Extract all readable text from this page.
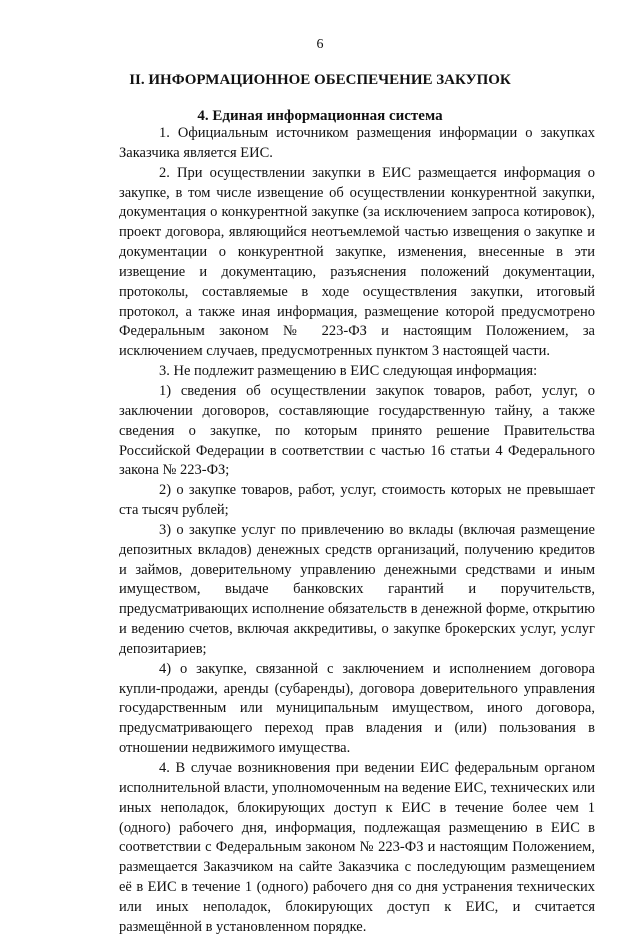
6
II. ИНФОРМАЦИОННОЕ ОБЕСПЕЧЕНИЕ ЗАКУПОК
4. Единая информационная система

1. Официальным источником размещения информации о закупках Заказчика является ЕИС.

2. При осуществлении закупки в ЕИС размещается информация о закупке, в том числе извещение об осуществлении конкурентной закупки, документация о конкурентной закупке (за исключением запроса котировок), проект договора, являющийся неотъемлемой частью извещения о закупке и документации о конкурентной закупке, изменения, внесенные в эти извещение и документацию, разъяснения положений документации, протоколы, составляемые в ходе осуществления закупки, итоговый протокол, а также иная информация, размещение которой предусмотрено Федеральным законом № 223-ФЗ и настоящим Положением, за исключением случаев, предусмотренных пунктом 3 настоящей части.

3. Не подлежит размещению в ЕИС следующая информация:

1) сведения об осуществлении закупок товаров, работ, услуг, о заключении договоров, составляющие государственную тайну, а также сведения о закупке, по которым принято решение Правительства Российской Федерации в соответствии с частью 16 статьи 4 Федерального закона № 223-ФЗ;

2) о закупке товаров, работ, услуг, стоимость которых не превышает ста тысяч рублей;

3) о закупке услуг по привлечению во вклады (включая размещение депозитных вкладов) денежных средств организаций, получению кредитов и займов, доверительному управлению денежными средствами и иным имуществом, выдаче банковских гарантий и поручительств, предусматривающих исполнение обязательств в денежной форме, открытию и ведению счетов, включая аккредитивы, о закупке брокерских услуг, услуг депозитариев;

4) о закупке, связанной с заключением и исполнением договора купли-продажи, аренды (субаренды), договора доверительного управления государственным или муниципальным имуществом, иного договора, предусматривающего переход прав владения и (или) пользования в отношении недвижимого имущества.

4. В случае возникновения при ведении ЕИС федеральным органом исполнительной власти, уполномоченным на ведение ЕИС, технических или иных неполадок, блокирующих доступ к ЕИС в течение более чем 1 (одного) рабочего дня, информация, подлежащая размещению в ЕИС в соответствии с Федеральным законом № 223-ФЗ и настоящим Положением, размещается Заказчиком на сайте Заказчика с последующим размещением её в ЕИС в течение 1 (одного) рабочего дня со дня устранения технических или иных неполадок, блокирующих доступ к ЕИС, и считается размещённой в установленном порядке.
